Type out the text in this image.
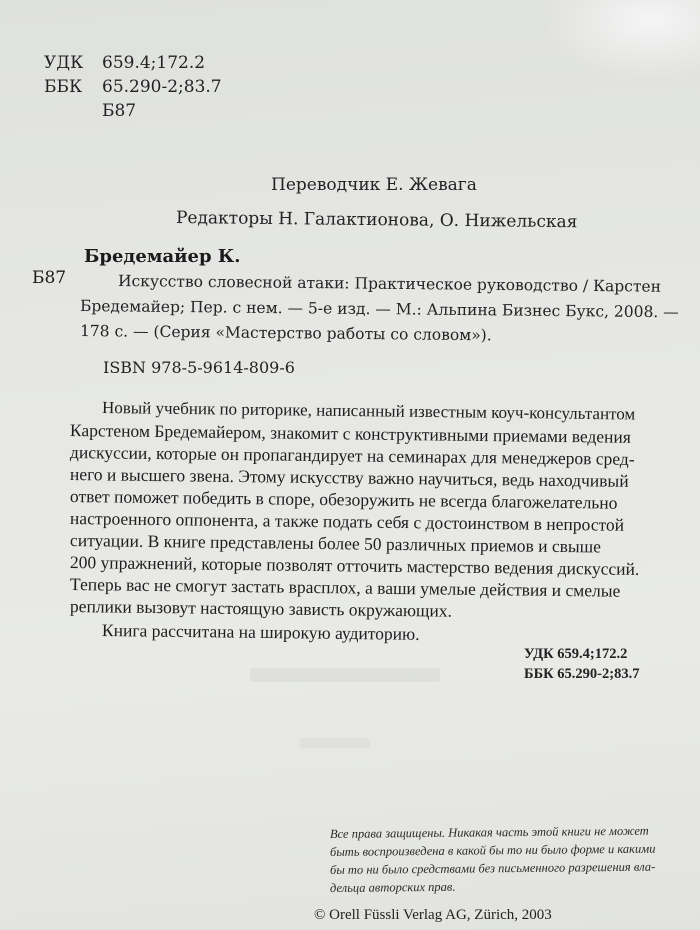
УДК 659.4;172.2
ББК 65.290-2;83.7
Б87
Переводчик Е. Жевага
Редакторы Н. Галактионова, О. Нижельская
Бредемайер К.
Б87	Искусство словесной атаки: Практическое руководство / Карстен
Бредемайер; Пер. с нем. — 5-е изд. — М.: Альпина Бизнес Букс, 2008. —
178 с. — (Серия «Мастерство работы со словом»).
ISBN 978-5-9614-809-6
Новый учебник по риторике, написанный известным коуч-консультантом
Карстеном Бредемайером, знакомит с конструктивными приемами ведения
дискуссии, которые он пропагандирует на семинарах для менеджеров сред-
него и высшего звена. Этому искусству важно научиться, ведь находчивый
ответ поможет победить в споре, обезоружить не всегда благожелательно
настроенного оппонента, а также подать себя с достоинством в непростой
ситуации. В книге представлены более 50 различных приемов и свыше
200 упражнений, которые позволят отточить мастерство ведения дискуссий.
Теперь вас не смогут застать врасплох, а ваши умелые действия и смелые
реплики вызовут настоящую зависть окружающих.
Книга рассчитана на широкую аудиторию.
УДК 659.4;172.2
ББК 65.290-2;83.7
Все права защищены. Никакая часть этой книги не может
быть воспроизведена в какой бы то ни было форме и какими
бы то ни было средствами без письменного разрешения вла-
дельца авторских прав.
© Orell Füssli Verlag AG, Zürich, 2003
